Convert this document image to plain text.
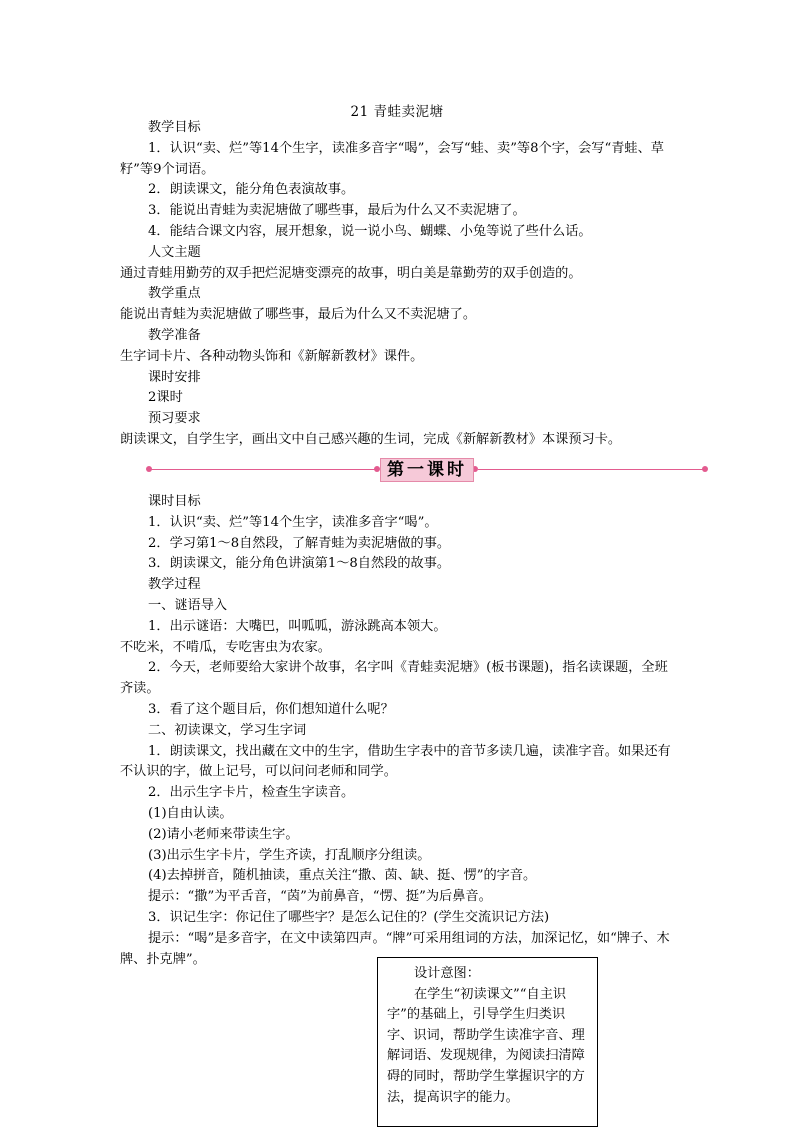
21 青蛙卖泥塘

教学目标

1．认识“卖、烂”等14个生字，读准多音字“喝”，会写“蛙、卖”等8个字，会写“青蛙、草籽”等9个词语。

2．朗读课文，能分角色表演故事。

3．能说出青蛙为卖泥塘做了哪些事，最后为什么又不卖泥塘了。

4．能结合课文内容，展开想象，说一说小鸟、蝴蝶、小兔等说了些什么话。

人文主题

通过青蛙用勤劳的双手把烂泥塘变漂亮的故事，明白美是靠勤劳的双手创造的。

教学重点

能说出青蛙为卖泥塘做了哪些事，最后为什么又不卖泥塘了。

教学准备

生字词卡片、各种动物头饰和《新解新教材》课件。

课时安排

2课时

预习要求

朗读课文，自学生字，画出文中自己感兴趣的生词，完成《新解新教材》本课预习卡。

第一课时

课时目标

1．认识“卖、烂”等14个生字，读准多音字“喝”。

2．学习第1～8自然段，了解青蛙为卖泥塘做的事。

3．朗读课文，能分角色讲演第1～8自然段的故事。

教学过程

一、谜语导入

1．出示谜语：大嘴巴，叫呱呱，游泳跳高本领大。

不吃米，不啃瓜，专吃害虫为农家。

2．今天，老师要给大家讲个故事，名字叫《青蛙卖泥塘》(板书课题)，指名读课题，全班齐读。

3．看了这个题目后，你们想知道什么呢？

二、初读课文，学习生字词

1．朗读课文，找出藏在文中的生字，借助生字表中的音节多读几遍，读准字音。如果还有不认识的字，做上记号，可以问问老师和同学。

2．出示生字卡片，检查生字读音。

(1)自由认读。

(2)请小老师来带读生字。

(3)出示生字卡片，学生齐读，打乱顺序分组读。

(4)去掉拼音，随机抽读，重点关注“撒、茵、缺、挺、愣”的字音。

提示：“撒”为平舌音，“茵”为前鼻音，“愣、挺”为后鼻音。

3．识记生字：你记住了哪些字？是怎么记住的？(学生交流识记方法)

提示：“喝”是多音字，在文中读第四声。“牌”可采用组词的方法，加深记忆，如“牌子、木牌、扑克牌”。

设计意图：

在学生“初读课文”“自主识字”的基础上，引导学生归类识字、识词，帮助学生读准字音、理解词语、发现规律，为阅读扫清障碍的同时，帮助学生掌握识字的方法，提高识字的能力。
